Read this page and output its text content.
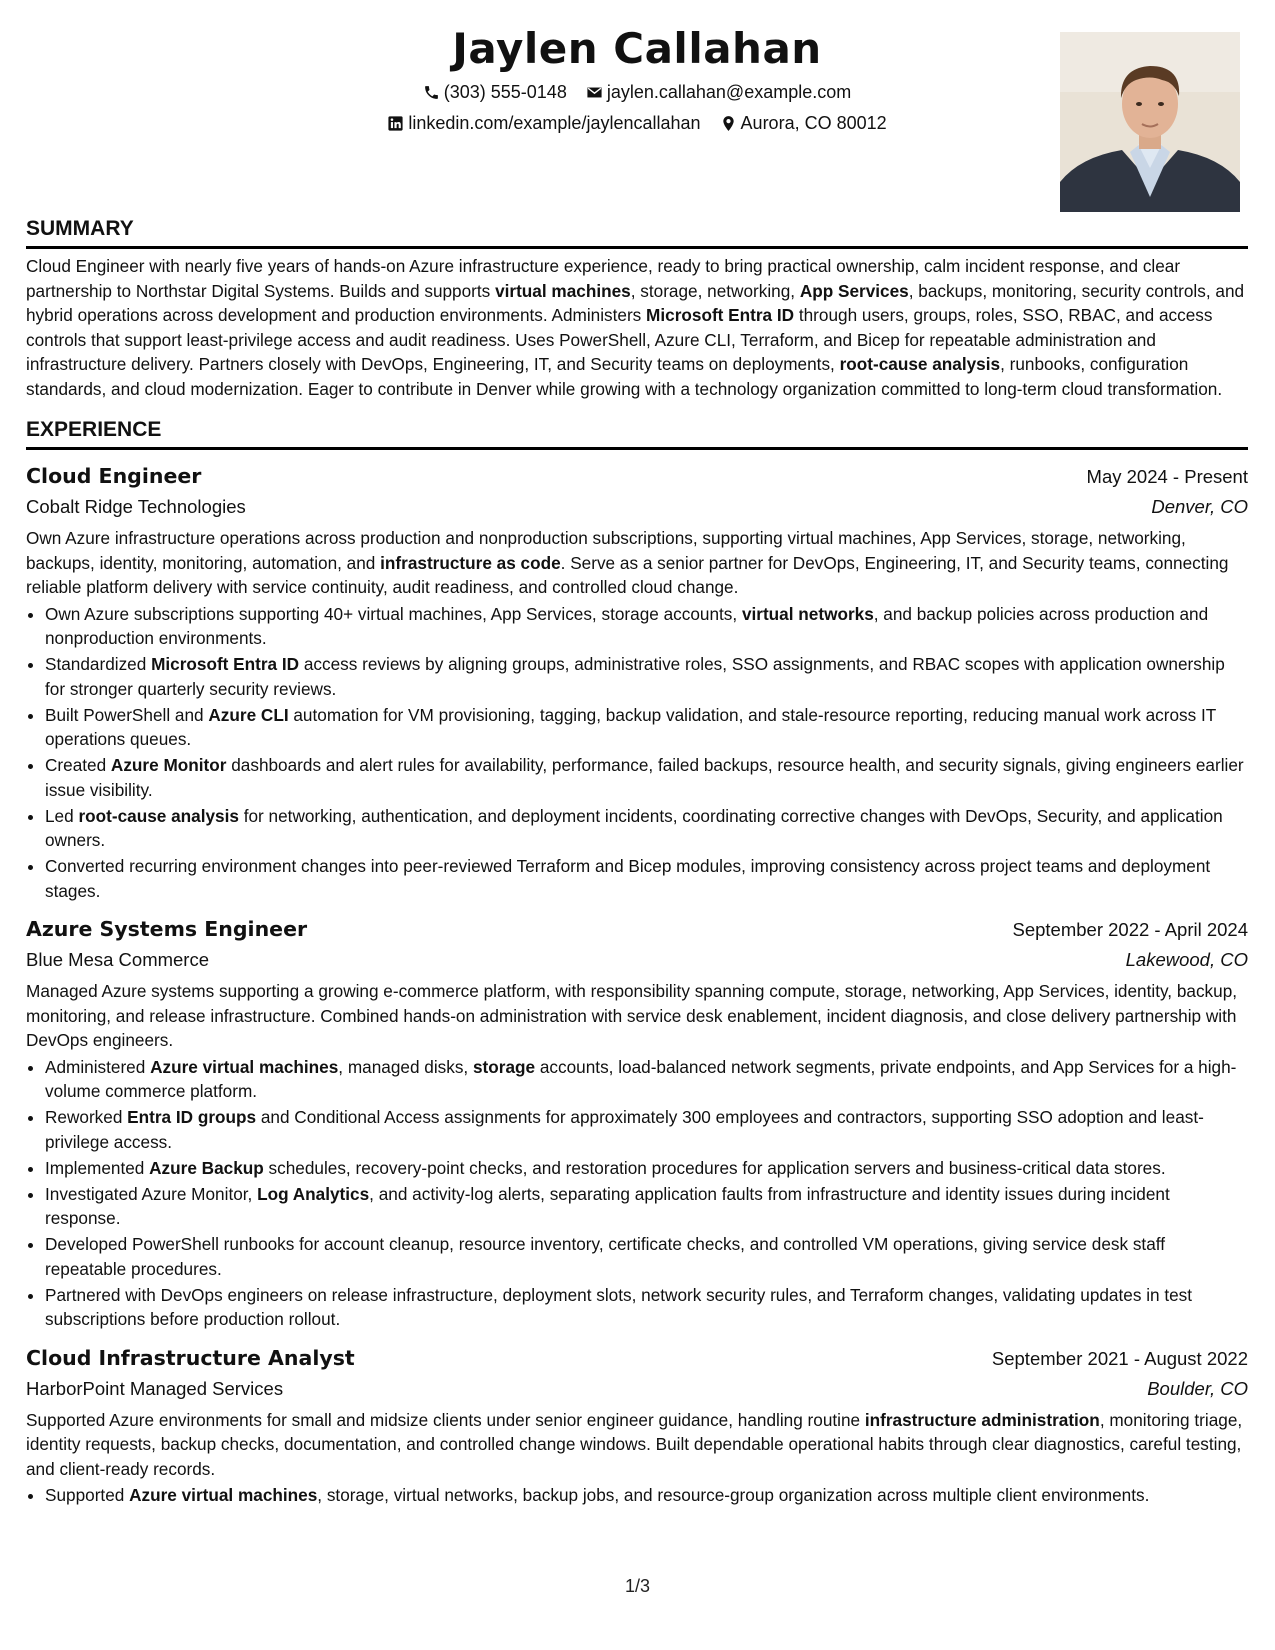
Jaylen Callahan
(303) 555-0148
jaylen.callahan@example.com
linkedin.com/example/jaylencallahan
Aurora, CO 80012
SUMMARY

Cloud Engineer with nearly five years of hands-on Azure infrastructure experience, ready to bring practical ownership, calm incident response, and clear partnership to Northstar Digital Systems. Builds and supports virtual machines, storage, networking, App Services, backups, monitoring, security controls, and hybrid operations across development and production environments. Administers Microsoft Entra ID through users, groups, roles, SSO, RBAC, and access controls that support least-privilege access and audit readiness. Uses PowerShell, Azure CLI, Terraform, and Bicep for repeatable administration and infrastructure delivery. Partners closely with DevOps, Engineering, IT, and Security teams on deployments, root-cause analysis, runbooks, configuration standards, and cloud modernization. Eager to contribute in Denver while growing with a technology organization committed to long-term cloud transformation.

EXPERIENCE
Cloud Engineer	May 2024 - Present
Cobalt Ridge Technologies	Denver, CO

Own Azure infrastructure operations across production and nonproduction subscriptions, supporting virtual machines, App Services, storage, networking, backups, identity, monitoring, automation, and infrastructure as code. Serve as a senior partner for DevOps, Engineering, IT, and Security teams, connecting reliable platform delivery with service continuity, audit readiness, and controlled cloud change.

• Own Azure subscriptions supporting 40+ virtual machines, App Services, storage accounts, virtual networks, and backup policies across production and nonproduction environments.
• Standardized Microsoft Entra ID access reviews by aligning groups, administrative roles, SSO assignments, and RBAC scopes with application ownership for stronger quarterly security reviews.
• Built PowerShell and Azure CLI automation for VM provisioning, tagging, backup validation, and stale-resource reporting, reducing manual work across IT operations queues.
• Created Azure Monitor dashboards and alert rules for availability, performance, failed backups, resource health, and security signals, giving engineers earlier issue visibility.
• Led root-cause analysis for networking, authentication, and deployment incidents, coordinating corrective changes with DevOps, Security, and application owners.
• Converted recurring environment changes into peer-reviewed Terraform and Bicep modules, improving consistency across project teams and deployment stages.
Azure Systems Engineer	September 2022 - April 2024
Blue Mesa Commerce	Lakewood, CO

Managed Azure systems supporting a growing e-commerce platform, with responsibility spanning compute, storage, networking, App Services, identity, backup, monitoring, and release infrastructure. Combined hands-on administration with service desk enablement, incident diagnosis, and close delivery partnership with DevOps engineers.

• Administered Azure virtual machines, managed disks, storage accounts, load-balanced network segments, private endpoints, and App Services for a high-volume commerce platform.
• Reworked Entra ID groups and Conditional Access assignments for approximately 300 employees and contractors, supporting SSO adoption and least-privilege access.
• Implemented Azure Backup schedules, recovery-point checks, and restoration procedures for application servers and business-critical data stores.
• Investigated Azure Monitor, Log Analytics, and activity-log alerts, separating application faults from infrastructure and identity issues during incident response.
• Developed PowerShell runbooks for account cleanup, resource inventory, certificate checks, and controlled VM operations, giving service desk staff repeatable procedures.
• Partnered with DevOps engineers on release infrastructure, deployment slots, network security rules, and Terraform changes, validating updates in test subscriptions before production rollout.
Cloud Infrastructure Analyst	September 2021 - August 2022
HarborPoint Managed Services	Boulder, CO

Supported Azure environments for small and midsize clients under senior engineer guidance, handling routine infrastructure administration, monitoring triage, identity requests, backup checks, documentation, and controlled change windows. Built dependable operational habits through clear diagnostics, careful testing, and client-ready records.

• Supported Azure virtual machines, storage, virtual networks, backup jobs, and resource-group organization across multiple client environments.
1/3
